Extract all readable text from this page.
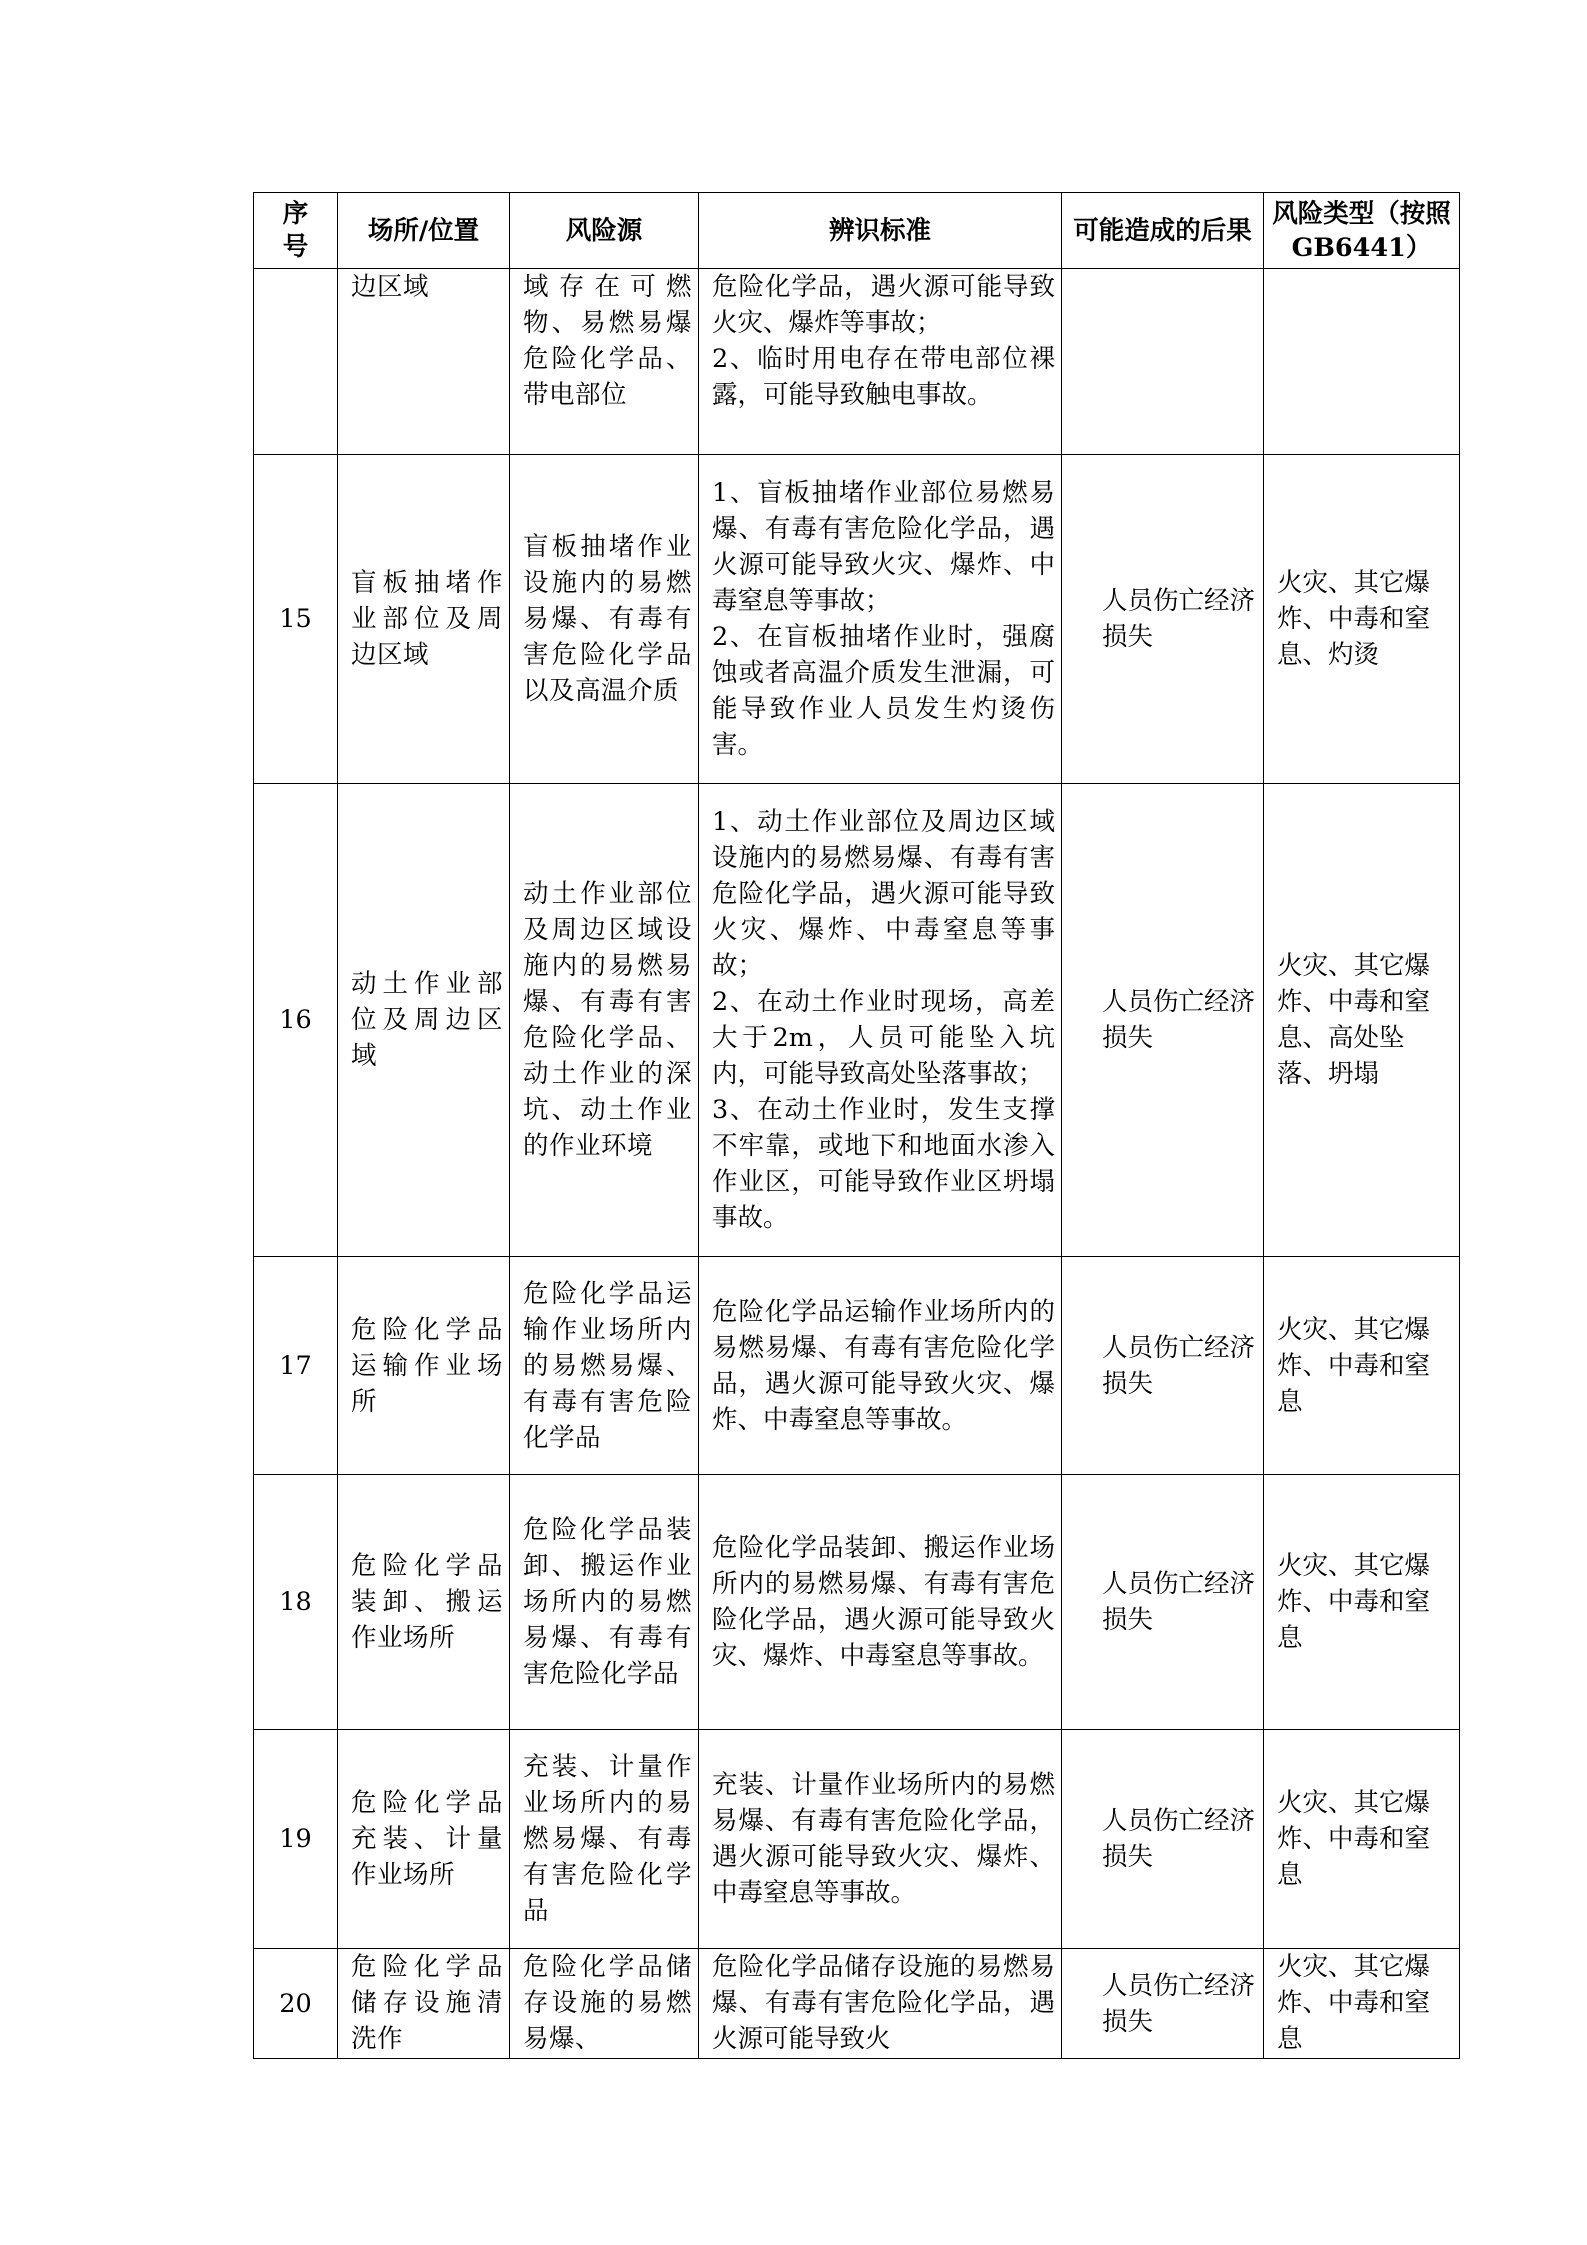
序号	场所/位置	风险源	辨识标准	可能造成的后果	风险类型（按照GB6441）
	边区域	域存在可燃物、易燃易爆危险化学品、带电部位	危险化学品，遇火源可能导致火灾、爆炸等事故；
2、临时用电存在带电部位裸露，可能导致触电事故。		

15	盲板抽堵作业部位及周边区域	盲板抽堵作业设施内的易燃易爆、有毒有害危险化学品以及高温介质	1、盲板抽堵作业部位易燃易爆、有毒有害危险化学品，遇火源可能导致火灾、爆炸、中毒窒息等事故；
2、在盲板抽堵作业时，强腐蚀或者高温介质发生泄漏，可能导致作业人员发生灼烫伤害。	人员伤亡经济损失	火灾、其它爆炸、中毒和窒息、灼烫
16	动土作业部位及周边区域	动土作业部位及周边区域设施内的易燃易爆、有毒有害危险化学品、动土作业的深坑、动土作业的作业环境	1、动土作业部位及周边区域设施内的易燃易爆、有毒有害危险化学品，遇火源可能导致火灾、爆炸、中毒窒息等事故；
2、在动土作业时现场，高差大于2m，人员可能坠入坑内，可能导致高处坠落事故；
3、在动土作业时，发生支撑不牢靠，或地下和地面水渗入作业区，可能导致作业区坍塌事故。	人员伤亡经济损失	火灾、其它爆炸、中毒和窒息、高处坠落、坍塌
17	危险化学品运输作业场所	危险化学品运输作业场所内的易燃易爆、有毒有害危险化学品	危险化学品运输作业场所内的易燃易爆、有毒有害危险化学品，遇火源可能导致火灾、爆炸、中毒窒息等事故。	人员伤亡经济损失	火灾、其它爆炸、中毒和窒息
18	危险化学品装卸、搬运作业场所	危险化学品装卸、搬运作业场所内的易燃易爆、有毒有害危险化学品	危险化学品装卸、搬运作业场所内的易燃易爆、有毒有害危险化学品，遇火源可能导致火灾、爆炸、中毒窒息等事故。	人员伤亡经济损失	火灾、其它爆炸、中毒和窒息
19	危险化学品充装、计量作业场所	充装、计量作业场所内的易燃易爆、有毒有害危险化学品	充装、计量作业场所内的易燃易爆、有毒有害危险化学品，遇火源可能导致火灾、爆炸、中毒窒息等事故。	人员伤亡经济损失	火灾、其它爆炸、中毒和窒息
20	危险化学品储存设施清洗作	危险化学品储存设施的易燃易爆、	危险化学品储存设施的易燃易爆、有毒有害危险化学品，遇火源可能导致火	人员伤亡经济损失	火灾、其它爆炸、中毒和窒息
